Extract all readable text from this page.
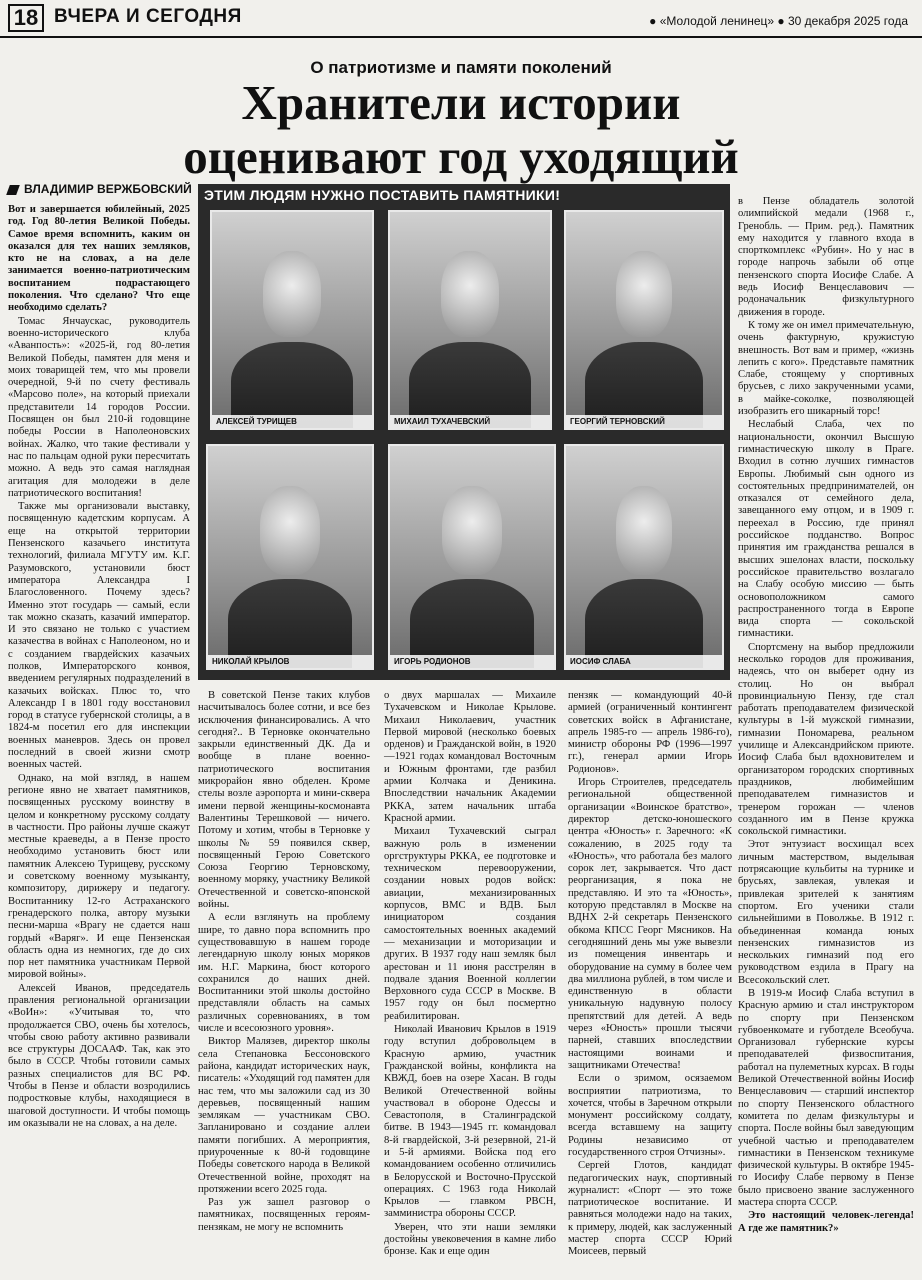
18 ВЧЕРА И СЕГОДНЯ	● «Молодой ленинец» ● 30 декабря 2025 года
О патриотизме и памяти поколений
Хранители истории
оценивают год уходящий
ВЛАДИМИР ВЕРЖБОВСКИЙ ЭТИМ ЛЮДЯМ НУЖНО ПОСТАВИТЬ ПАМЯТНИКИ!
АЛЕКСЕЙ ТУРИЩЕВ	МИХАИЛ ТУХАЧЕВСКИЙ	ГЕОРГИЙ ТЕРНОВСКИЙ
НИКОЛАЙ КРЫЛОВ	ИГОРЬ РОДИОНОВ	ИОСИФ СЛАБА

Вот и завершается юбилейный, 2025 год. Год 80-летия Великой Победы. Самое время вспомнить, каким он оказался для тех наших земляков, кто не на словах, а на деле занимается военно-патриотическим воспитанием подрастающего поколения. Что сделано? Что еще необходимо сделать?

Томас Янчаускас, руководитель военно-исторического клуба «Аванпость»: «2025-й, год 80-летия Великой Победы, памятен для меня и моих товарищей тем, что мы провели очередной, 9-й по счету фестиваль «Марсово поле», на который приехали представители 14 городов России. Посвящен он был 210-й годовщине победы России в Наполеоновских войнах. Жалко, что такие фестивали у нас по пальцам одной руки пересчитать можно. А ведь это самая наглядная агитация для молодежи в деле патриотического воспитания!

Также мы организовали выставку, посвященную кадетским корпусам. А еще на открытой территории Пензенского казачьего института технологий, филиала МГУТУ им. К.Г. Разумовского, установили бюст императора Александра I Благословенного. Почему здесь? Именно этот государь — самый, если так можно сказать, казачий император. И это связано не только с участием казачества в войнах с Наполеоном, но и с созданием гвардейских казачьих полков, Императорского конвоя, введением регулярных подразделений в казачьих войсках. Плюс то, что Александр I в 1801 году восстановил город в статусе губернской столицы, а в 1824-м посетил его для инспекции военных маневров. Здесь он провел последний в своей жизни смотр военных частей.

Однако, на мой взгляд, в нашем регионе явно не хватает памятников, посвященных русскому воинству в целом и конкретному русскому солдату в частности. Про районы лучше скажут местные краеведы, а в Пензе просто необходимо установить бюст или памятник Алексею Турищеву, русскому и советскому военному музыканту, композитору, дирижеру и педагогу. Воспитаннику 12-го Астраханского гренадерского полка, автору музыки песни-марша «Врагу не сдается наш гордый «Варяг». И еще Пензенская область одна из немногих, где до сих пор нет памятника участникам Первой мировой войны».

Алексей Иванов, председатель правления региональной организации «ВоИн»: «Учитывая то, что продолжается СВО, очень бы хотелось, чтобы свою работу активно развивали все структуры ДОСААФ. Так, как это было в СССР. Чтобы готовили самых разных специалистов для ВС РФ. Чтобы в Пензе и области возродились подростковые клубы, находящиеся в шаговой доступности. И чтобы помощь им оказывали не на словах, а на деле.

В советской Пензе таких клубов насчитывалось более сотни, и все без исключения финансировались. А что сегодня?.. В Терновке окончательно закрыли единственный ДК. Да и вообще в плане военно-патриотического воспитания микрорайон явно обделен. Кроме стелы возле аэропорта и мини-сквера имени первой женщины-космонавта Валентины Терешковой — ничего. Потому и хотим, чтобы в Терновке у школы № 59 появился сквер, посвященный Герою Советского Союза Георгию Терновскому, военному моряку, участнику Великой Отечественной и советско-японской войны.

А если взглянуть на проблему шире, то давно пора вспомнить про существовавшую в нашем городе легендарную школу юных моряков им. Н.Г. Маркина, бюст которого сохранился до наших дней. Воспитанники этой школы достойно представляли область на самых различных соревнованиях, в том числе и всесоюзного уровня».

Виктор Малязев, директор школы села Степановка Бессоновского района, кандидат исторических наук, писатель: «Уходящий год памятен для нас тем, что мы заложили сад из 30 деревьев, посвященный нашим землякам — участникам СВО. Запланировано и создание аллеи памяти погибших. А мероприятия, приуроченные к 80-й годовщине Победы советского народа в Великой Отечественной войне, проходят на протяжении всего 2025 года.

Раз уж зашел разговор о памятниках, посвященных героям-пензякам, не могу не вспомнить

о двух маршалах — Михаиле Тухачевском и Николае Крылове. Михаил Николаевич, участник Первой мировой (несколько боевых орденов) и Гражданской войн, в 1920—1921 годах командовал Восточным и Южным фронтами, где разбил армии Колчака и Деникина. Впоследствии начальник Академии РККА, затем начальник штаба Красной армии.

Михаил Тухачевский сыграл важную роль в изменении оргструктуры РККА, ее подготовке и техническом перевооружении, создании новых родов войск: авиации, механизированных корпусов, ВМС и ВДВ. Был инициатором создания самостоятельных военных академий — механизации и моторизации и других. В 1937 году наш земляк был арестован и 11 июня расстрелян в подвале здания Военной коллегии Верховного суда СССР в Москве. В 1957 году он был посмертно реабилитирован.

Николай Иванович Крылов в 1919 году вступил добровольцем в Красную армию, участник Гражданской войны, конфликта на КВЖД, боев на озере Хасан. В годы Великой Отечественной войны участвовал в обороне Одессы и Севастополя, в Сталинградской битве. В 1943—1945 гг. командовал 8-й гвардейской, 3-й резервной, 21-й и 5-й армиями. Войска под его командованием особенно отличились в Белорусской и Восточно-Прусской операциях. С 1963 года Николай Крылов — главком РВСН, замминистра обороны СССР.

Уверен, что эти наши земляки достойны увековечения в камне либо бронзе. Как и еще один

пензяк — командующий 40-й армией (ограниченный контингент советских войск в Афганистане, апрель 1985-го — апрель 1986-го), министр обороны РФ (1996—1997 гг.), генерал армии Игорь Родионов».

Игорь Строителев, председатель региональной общественной организации «Воинское братство», директор детско-юношеского центра «Юность» г. Заречного: «К сожалению, в 2025 году та «Юность», что работала без малого сорок лет, закрывается. Что даст реорганизация, я пока не представляю. И это та «Юность», которую представлял в Москве на ВДНХ 2-й секретарь Пензенского обкома КПСС Георг Мясников. На сегодняшний день мы уже вывезли из помещения инвентарь и оборудование на сумму в более чем два миллиона рублей, в том числе и единственную в области уникальную надувную полосу препятствий для детей. А ведь через «Юность» прошли тысячи парней, ставших впоследствии настоящими воинами и защитниками Отечества!

Если о зримом, осязаемом восприятии патриотизма, то хочется, чтобы в Заречном открыли монумент российскому солдату, всегда вставшему на защиту Родины независимо от государственного строя Отчизны».

Сергей Глотов, кандидат педагогических наук, спортивный журналист: «Спорт — это тоже патриотическое воспитание. И равняться молодежи надо на таких, к примеру, людей, как заслуженный мастер спорта СССР Юрий Моисеев, первый

в Пензе обладатель золотой олимпийской медали (1968 г., Гренобль. — Прим. ред.). Памятник ему находится у главного входа в спорткомплекс «Рубин». Но у нас в городе напрочь забыли об отце пензенского спорта Иосифе Слабе. А ведь Иосиф Венцеславович — родоначальник физкультурного движения в городе.

К тому же он имел примечательную, очень фактурную, кружистую внешность. Вот вам и пример, «жизнь лепить с кого». Представьте памятник Слабе, стоящему у спортивных брусьев, с лихо закрученными усами, в майке-соколке, позволяющей изобразить его шикарный торс!

Неслабый Слаба, чех по национальности, окончил Высшую гимнастическую школу в Праге. Входил в сотню лучших гимнастов Европы. Любимый сын одного из состоятельных предпринимателей, он отказался от семейного дела, завещанного ему отцом, и в 1909 г. переехал в Россию, где принял российское подданство. Вопрос принятия им гражданства решался в высших эшелонах власти, поскольку российское правительство возлагало на Слабу особую миссию — быть основоположником самого распространенного тогда в Европе вида спорта — сокольской гимнастики.

Спортсмену на выбор предложили несколько городов для проживания, надеясь, что он выберет одну из столиц. Но он выбрал провинциальную Пензу, где стал работать преподавателем физической культуры в 1-й мужской гимназии, гимназии Пономарева, реальном училище и Александрийском приюте. Иосиф Слаба был вдохновителем и организатором городских спортивных праздников, любимейшим преподавателем гимназистов и тренером горожан — членов созданного им в Пензе кружка сокольской гимнастики.

Этот энтузиаст восхищал всех личным мастерством, выделывая потрясающие кульбиты на турнике и брусьях, завлекая, увлекая и привлекая зрителей к занятиям спортом. Его ученики стали сильнейшими в Поволжье. В 1912 г. объединенная команда юных пензенских гимназистов из нескольких гимназий под его руководством ездила в Прагу на Всесокольский слет.

В 1919-м Иосиф Слаба вступил в Красную армию и стал инструктором по спорту при Пензенском губвоенкомате и губотделе Всеобуча. Организовал губернские курсы преподавателей физвоспитания, работал на пулеметных курсах. В годы Великой Отечественной войны Иосиф Венцеславович — старший инспектор по спорту Пензенского областного комитета по делам физкультуры и спорта. После войны был заведующим учебной частью и преподавателем гимнастики в Пензенском техникуме физической культуры. В октябре 1945-го Иосифу Слабе первому в Пензе было присвоено звание заслуженного мастера спорта СССР.

Это настоящий человек-легенда! А где же памятник?»
